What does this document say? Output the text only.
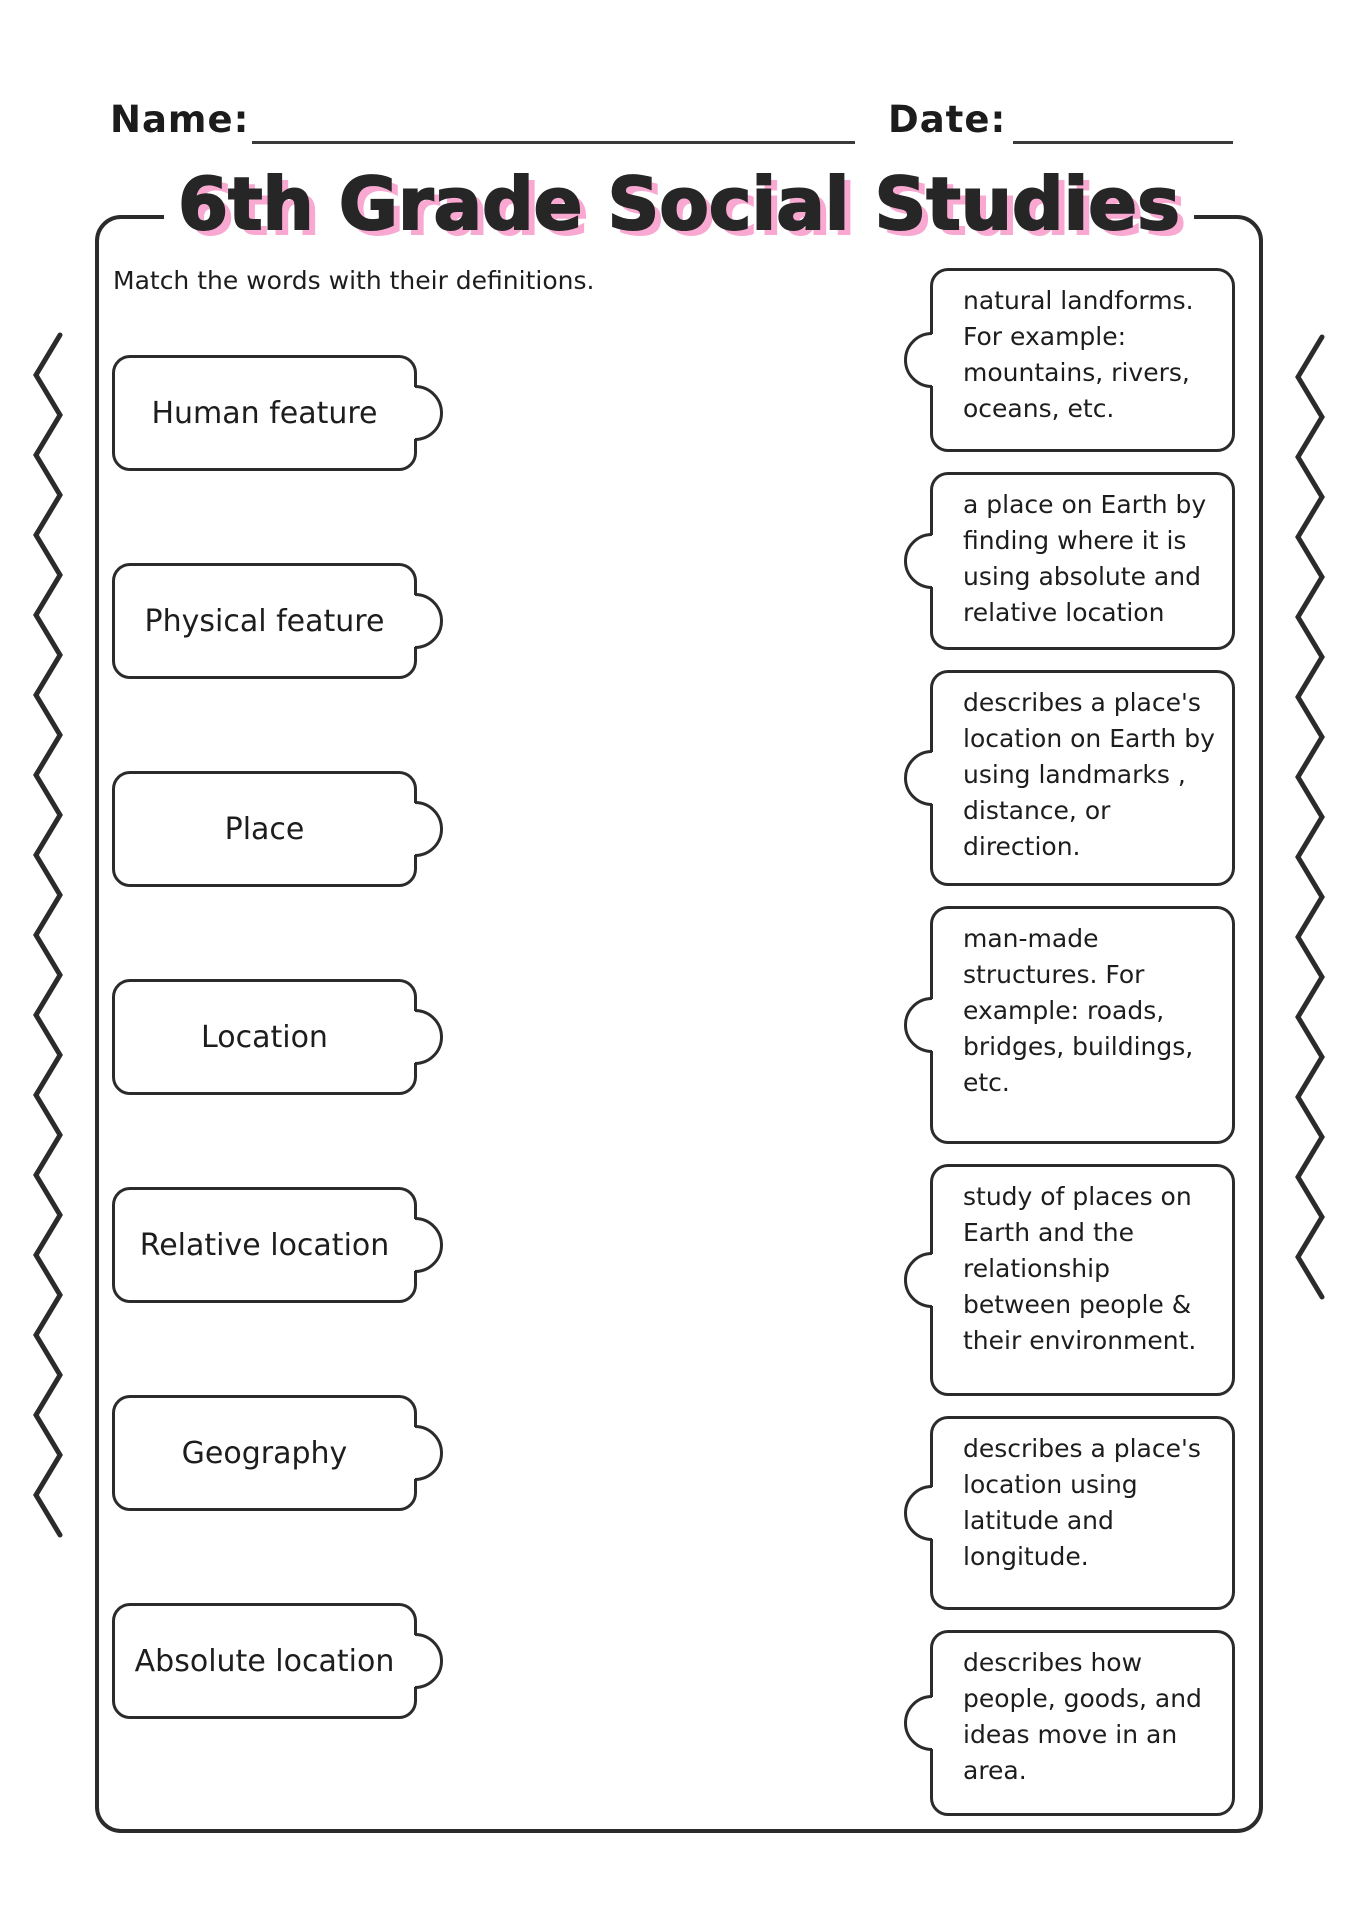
Name:	Date:
6th Grade Social Studies
Match the words with their definitions.
Human feature
Physical feature
Place
Location
Relative location
Geography
Absolute location
natural landforms. For example: mountains, rivers, oceans, etc.
a place on Earth by finding where it is using absolute and relative location
describes a place's location on Earth by using landmarks , distance, or direction.
man-made structures. For example: roads, bridges, buildings, etc.
study of places on Earth and the relationship between people & their environment.
describes a place's location using latitude and longitude.
describes how people, goods, and ideas move in an area.
